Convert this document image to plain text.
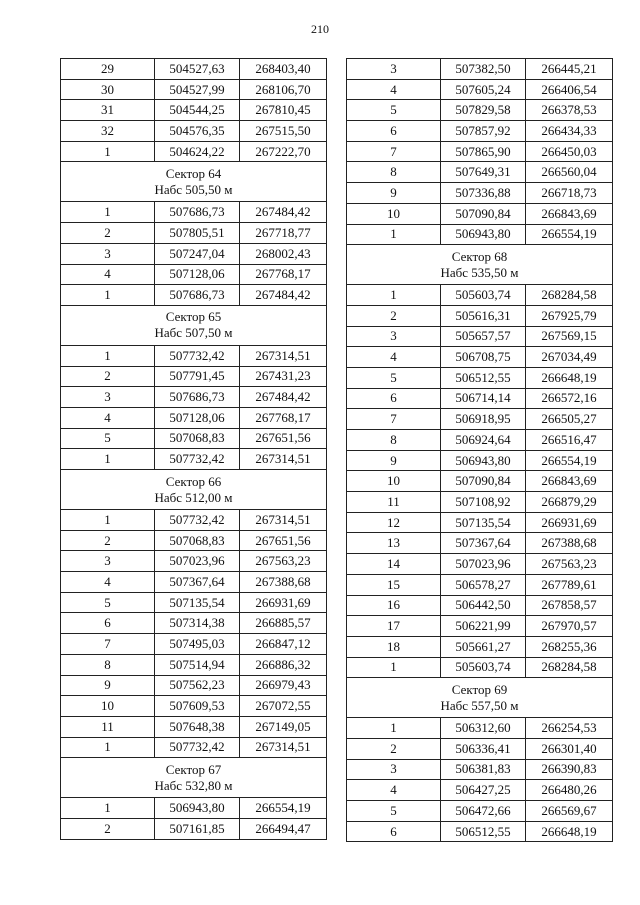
210
29	504527,63	268403,40
30	504527,99	268106,70
31	504544,25	267810,45
32	504576,35	267515,50
1	504624,22	267222,70

Сектор 64
Набс 505,50 м		

1	507686,73	267484,42
2	507805,51	267718,77
3	507247,04	268002,43
4	507128,06	267768,17
1	507686,73	267484,42

Сектор 65
Набс 507,50 м		

1	507732,42	267314,51
2	507791,45	267431,23
3	507686,73	267484,42
4	507128,06	267768,17
5	507068,83	267651,56
1	507732,42	267314,51

Сектор 66
Набс 512,00 м		

1	507732,42	267314,51
2	507068,83	267651,56
3	507023,96	267563,23
4	507367,64	267388,68
5	507135,54	266931,69
6	507314,38	266885,57
7	507495,03	266847,12
8	507514,94	266886,32
9	507562,23	266979,43
10	507609,53	267072,55
11	507648,38	267149,05
1	507732,42	267314,51

Сектор 67
Набс 532,80 м		

1	506943,80	266554,19
2	507161,85	266494,47
3	507382,50	266445,21
4	507605,24	266406,54
5	507829,58	266378,53
6	507857,92	266434,33
7	507865,90	266450,03
8	507649,31	266560,04
9	507336,88	266718,73
10	507090,84	266843,69
1	506943,80	266554,19

Сектор 68
Набс 535,50 м		

1	505603,74	268284,58
2	505616,31	267925,79
3	505657,57	267569,15
4	506708,75	267034,49
5	506512,55	266648,19
6	506714,14	266572,16
7	506918,95	266505,27
8	506924,64	266516,47
9	506943,80	266554,19
10	507090,84	266843,69
11	507108,92	266879,29
12	507135,54	266931,69
13	507367,64	267388,68
14	507023,96	267563,23
15	506578,27	267789,61
16	506442,50	267858,57
17	506221,99	267970,57
18	505661,27	268255,36
1	505603,74	268284,58

Сектор 69
Набс 557,50 м		

1	506312,60	266254,53
2	506336,41	266301,40
3	506381,83	266390,83
4	506427,25	266480,26
5	506472,66	266569,67
6	506512,55	266648,19
